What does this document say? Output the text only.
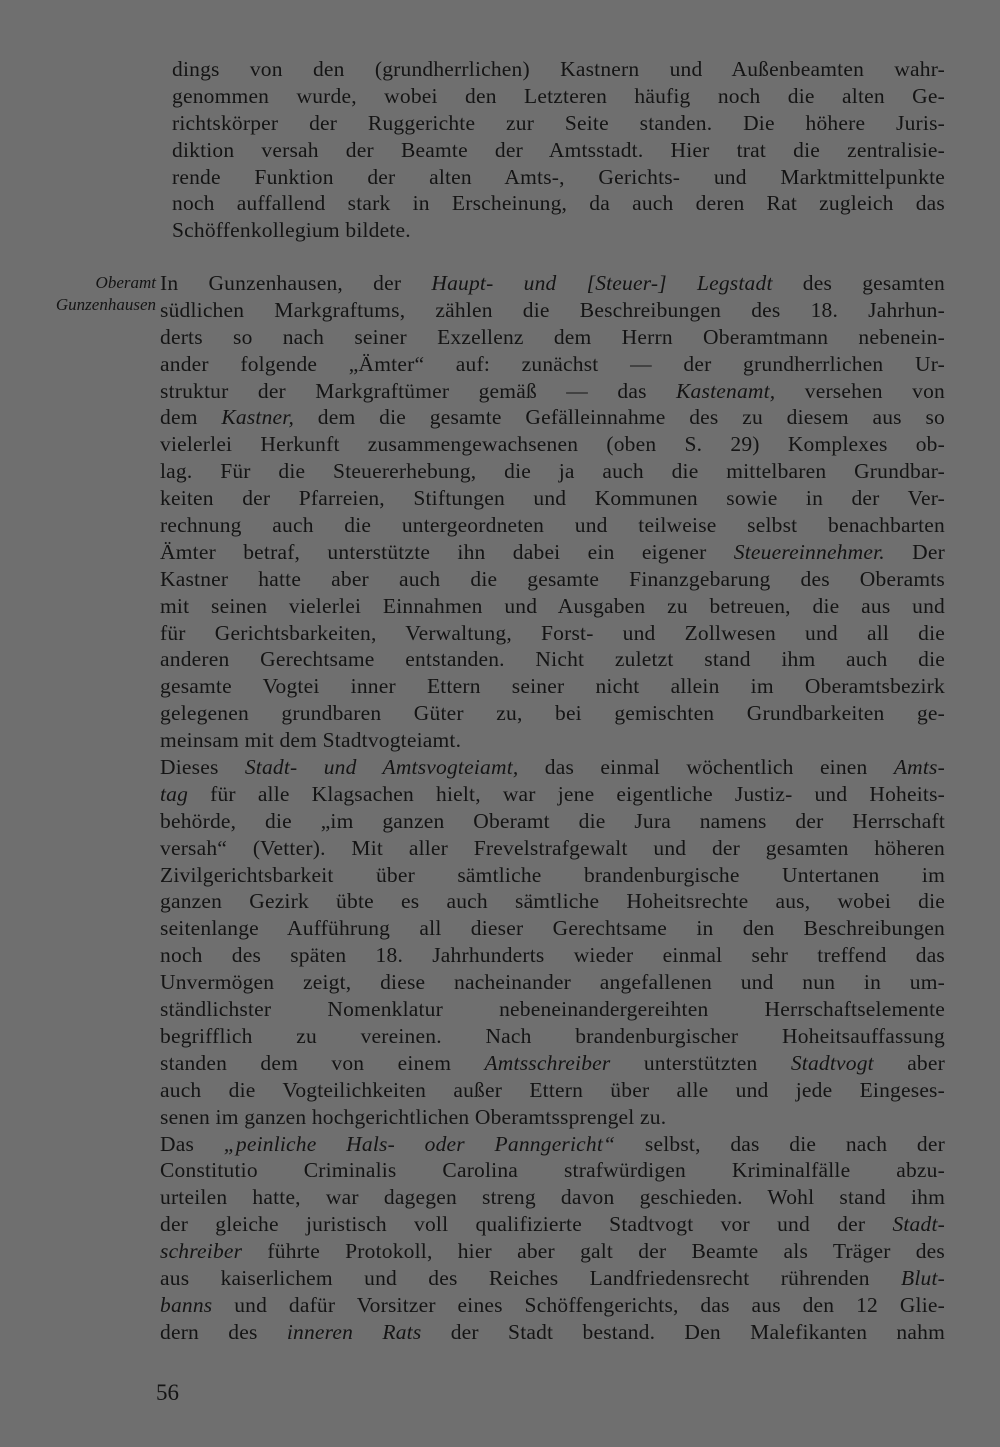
dings von den (grundherrlichen) Kastnern und Außenbeamten wahr-
genommen wurde, wobei den Letzteren häufig noch die alten Ge-
richtskörper der Ruggerichte zur Seite standen. Die höhere Juris-
diktion versah der Beamte der Amtsstadt. Hier trat die zentralisie-
rende Funktion der alten Amts-, Gerichts- und Marktmittelpunkte
noch auffallend stark in Erscheinung, da auch deren Rat zugleich das
Schöffenkollegium bildete.
Oberamt
Gunzenhausen
In Gunzenhausen, der Haupt- und [Steuer-] Legstadt des gesamten
südlichen Markgraftums, zählen die Beschreibungen des 18. Jahrhun-
derts so nach seiner Exzellenz dem Herrn Oberamtmann nebenein-
ander folgende „Ämter“ auf: zunächst — der grundherrlichen Ur-
struktur der Markgraftümer gemäß — das Kastenamt, versehen von
dem Kastner, dem die gesamte Gefälleinnahme des zu diesem aus so
vielerlei Herkunft zusammengewachsenen (oben S. 29) Komplexes ob-
lag. Für die Steuererhebung, die ja auch die mittelbaren Grundbar-
keiten der Pfarreien, Stiftungen und Kommunen sowie in der Ver-
rechnung auch die untergeordneten und teilweise selbst benachbarten
Ämter betraf, unterstützte ihn dabei ein eigener Steuereinnehmer. Der
Kastner hatte aber auch die gesamte Finanzgebarung des Oberamts
mit seinen vielerlei Einnahmen und Ausgaben zu betreuen, die aus und
für Gerichtsbarkeiten, Verwaltung, Forst- und Zollwesen und all die
anderen Gerechtsame entstanden. Nicht zuletzt stand ihm auch die
gesamte Vogtei inner Ettern seiner nicht allein im Oberamtsbezirk
gelegenen grundbaren Güter zu, bei gemischten Grundbarkeiten ge-
meinsam mit dem Stadtvogteiamt.
Dieses Stadt- und Amtsvogteiamt, das einmal wöchentlich einen Amts-
tag für alle Klagsachen hielt, war jene eigentliche Justiz- und Hoheits-
behörde, die „im ganzen Oberamt die Jura namens der Herrschaft
versah“ (Vetter). Mit aller Frevelstrafgewalt und der gesamten höheren
Zivilgerichtsbarkeit über sämtliche brandenburgische Untertanen im
ganzen Gezirk übte es auch sämtliche Hoheitsrechte aus, wobei die
seitenlange Aufführung all dieser Gerechtsame in den Beschreibungen
noch des späten 18. Jahrhunderts wieder einmal sehr treffend das
Unvermögen zeigt, diese nacheinander angefallenen und nun in um-
ständlichster Nomenklatur nebeneinandergereihten Herrschaftselemente
begrifflich zu vereinen. Nach brandenburgischer Hoheitsauffassung
standen dem von einem Amtsschreiber unterstützten Stadtvogt aber
auch die Vogteilichkeiten außer Ettern über alle und jede Eingeses-
senen im ganzen hochgerichtlichen Oberamtssprengel zu.
Das „peinliche Hals- oder Panngericht“ selbst, das die nach der
Constitutio Criminalis Carolina strafwürdigen Kriminalfälle abzu-
urteilen hatte, war dagegen streng davon geschieden. Wohl stand ihm
der gleiche juristisch voll qualifizierte Stadtvogt vor und der Stadt-
schreiber führte Protokoll, hier aber galt der Beamte als Träger des
aus kaiserlichem und des Reiches Landfriedensrecht rührenden Blut-
banns und dafür Vorsitzer eines Schöffengerichts, das aus den 12 Glie-
dern des inneren Rats der Stadt bestand. Den Malefikanten nahm
56
